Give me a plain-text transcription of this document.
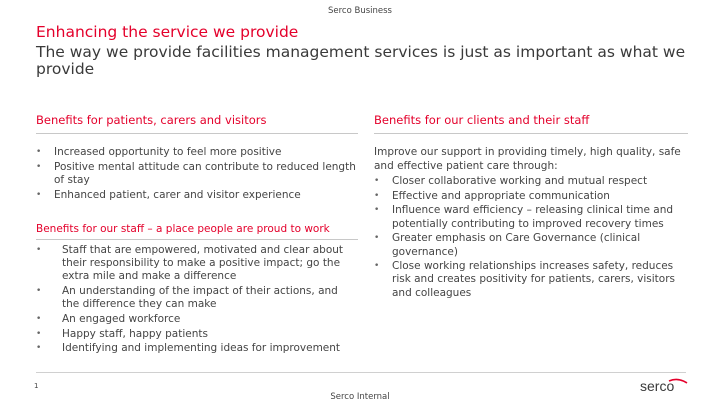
Serco Business
Enhancing the service we provide
The way we provide facilities management services is just as important as what we provide
Benefits for patients, carers and visitors
• Increased opportunity to feel more positive
• Positive mental attitude can contribute to reduced length of stay
• Enhanced patient, carer and visitor experience
Benefits for our staff – a place people are proud to work
• Staff that are empowered, motivated and clear about their responsibility to make a positive impact; go the extra mile and make a difference
• An understanding of the impact of their actions, and the difference they can make
• An engaged workforce
• Happy staff, happy patients
• Identifying and implementing ideas for improvement
Benefits for our clients and their staff
Improve our support in providing timely, high quality, safe and effective patient care through:
• Closer collaborative working and mutual respect
• Effective and appropriate communication
• Influence ward efficiency – releasing clinical time and potentially contributing to improved recovery times
• Greater emphasis on Care Governance (clinical governance)
• Close working relationships increases safety, reduces risk and creates positivity for patients, carers, visitors and colleagues
1
Serco Internal
serco
